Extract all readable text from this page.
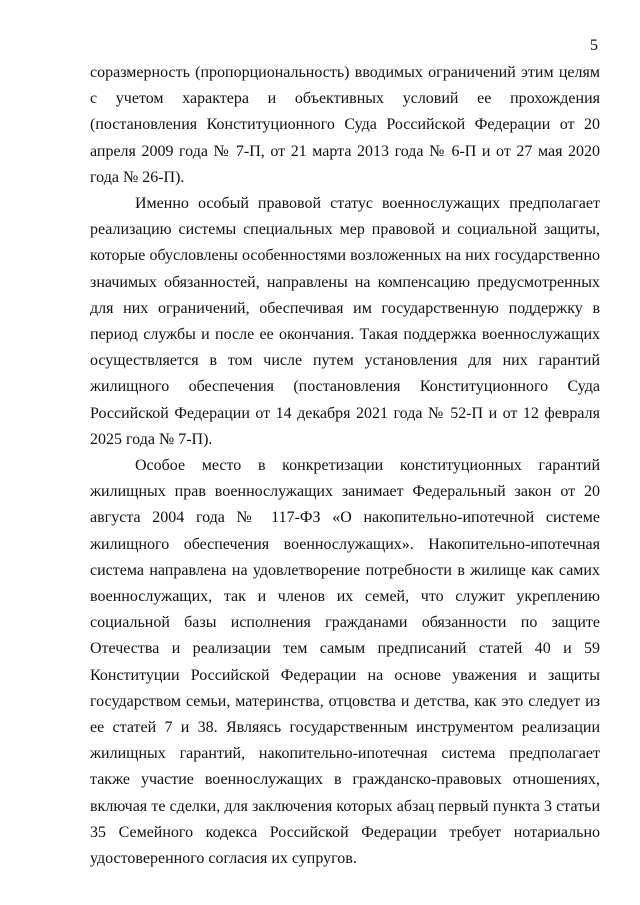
5

соразмерность (пропорциональность) вводимых ограничений этим целям с учетом характера и объективных условий ее прохождения (постановления Конституционного Суда Российской Федерации от 20 апреля 2009 года № 7-П, от 21 марта 2013 года № 6-П и от 27 мая 2020 года № 26-П).

Именно особый правовой статус военнослужащих предполагает реализацию системы специальных мер правовой и социальной защиты, которые обусловлены особенностями возложенных на них государственно значимых обязанностей, направлены на компенсацию предусмотренных для них ограничений, обеспечивая им государственную поддержку в период службы и после ее окончания. Такая поддержка военнослужащих осуществляется в том числе путем установления для них гарантий жилищного обеспечения (постановления Конституционного Суда Российской Федерации от 14 декабря 2021 года № 52-П и от 12 февраля 2025 года № 7-П).

Особое место в конкретизации конституционных гарантий жилищных прав военнослужащих занимает Федеральный закон от 20 августа 2004 года № 117-ФЗ «О накопительно-ипотечной системе жилищного обеспечения военнослужащих». Накопительно-ипотечная система направлена на удовлетворение потребности в жилище как самих военнослужащих, так и членов их семей, что служит укреплению социальной базы исполнения гражданами обязанности по защите Отечества и реализации тем самым предписаний статей 40 и 59 Конституции Российской Федерации на основе уважения и защиты государством семьи, материнства, отцовства и детства, как это следует из ее статей 7 и 38. Являясь государственным инструментом реализации жилищных гарантий, накопительно-ипотечная система предполагает также участие военнослужащих в гражданско-правовых отношениях, включая те сделки, для заключения которых абзац первый пункта 3 статьи 35 Семейного кодекса Российской Федерации требует нотариально удостоверенного согласия их супругов.
